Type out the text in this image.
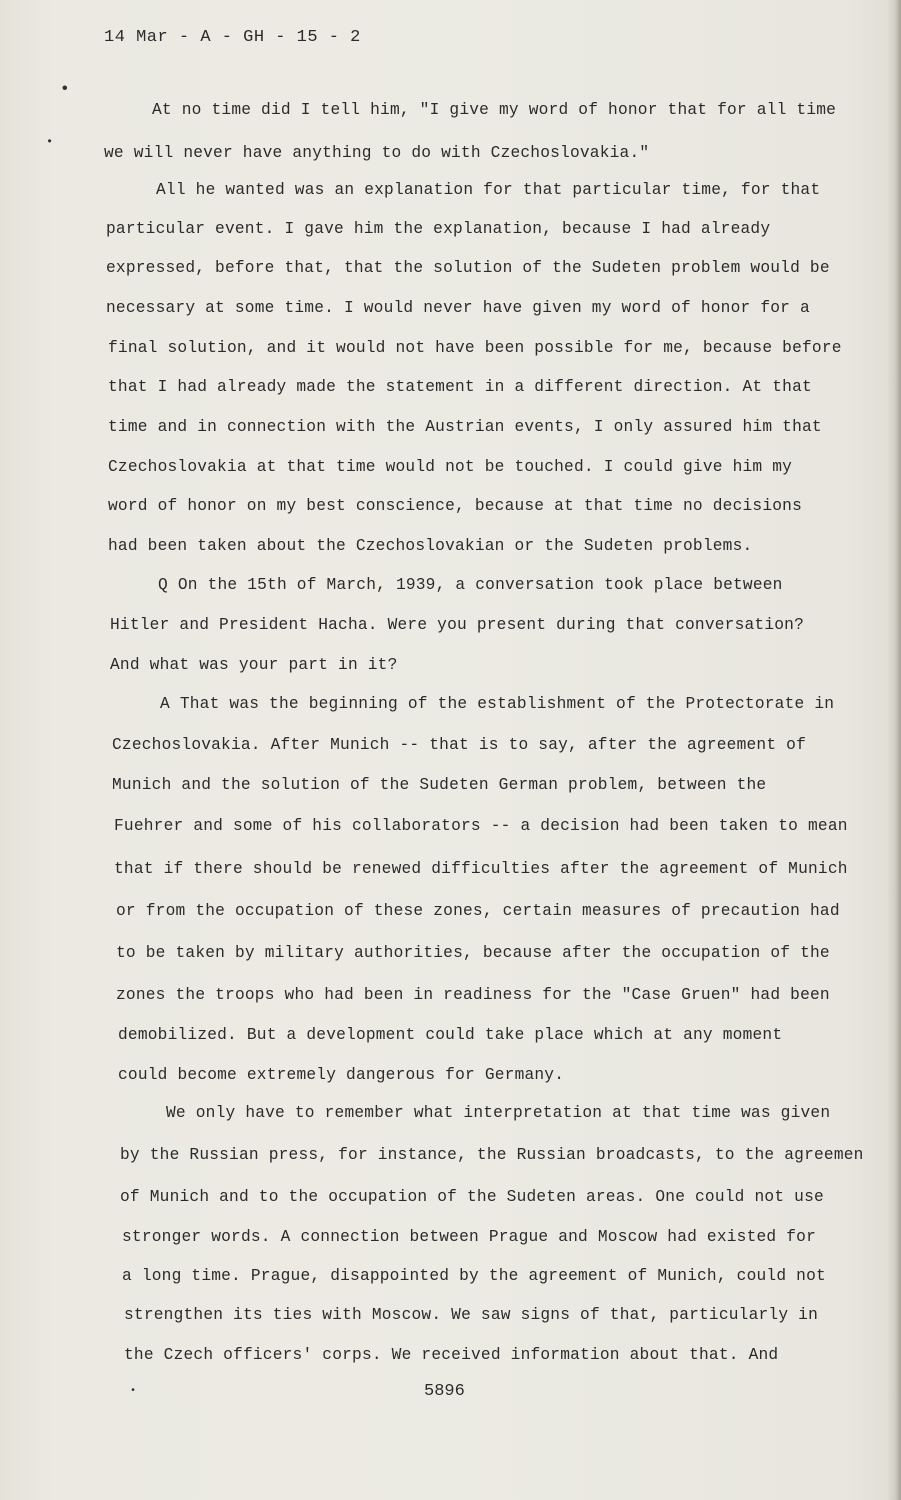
14 Mar - A - GH - 15 - 2
•
•
At no time did I tell him, "I give my word of honor that for all time
we will never have anything to do with Czechoslovakia."
All he wanted was an explanation for that particular time, for that
particular event. I gave him the explanation, because I had already
expressed, before that, that the solution of the Sudeten problem would be
necessary at some time. I would never have given my word of honor for a
final solution, and it would not have been possible for me, because before
that I had already made the statement in a different direction. At that
time and in connection with the Austrian events, I only assured him that
Czechoslovakia at that time would not be touched. I could give him my
word of honor on my best conscience, because at that time no decisions
had been taken about the Czechoslovakian or the Sudeten problems.
Q On the 15th of March, 1939, a conversation took place between
Hitler and President Hacha. Were you present during that conversation?
And what was your part in it?
A That was the beginning of the establishment of the Protectorate in
Czechoslovakia. After Munich -- that is to say, after the agreement of
Munich and the solution of the Sudeten German problem, between the
Fuehrer and some of his collaborators -- a decision had been taken to mean
that if there should be renewed difficulties after the agreement of Munich
or from the occupation of these zones, certain measures of precaution had
to be taken by military authorities, because after the occupation of the
zones the troops who had been in readiness for the "Case Gruen" had been
demobilized. But a development could take place which at any moment
could become extremely dangerous for Germany.
We only have to remember what interpretation at that time was given
by the Russian press, for instance, the Russian broadcasts, to the agreemen
of Munich and to the occupation of the Sudeten areas. One could not use
stronger words. A connection between Prague and Moscow had existed for
a long time. Prague, disappointed by the agreement of Munich, could not
strengthen its ties with Moscow. We saw signs of that, particularly in
the Czech officers' corps. We received information about that. And
•	5896
